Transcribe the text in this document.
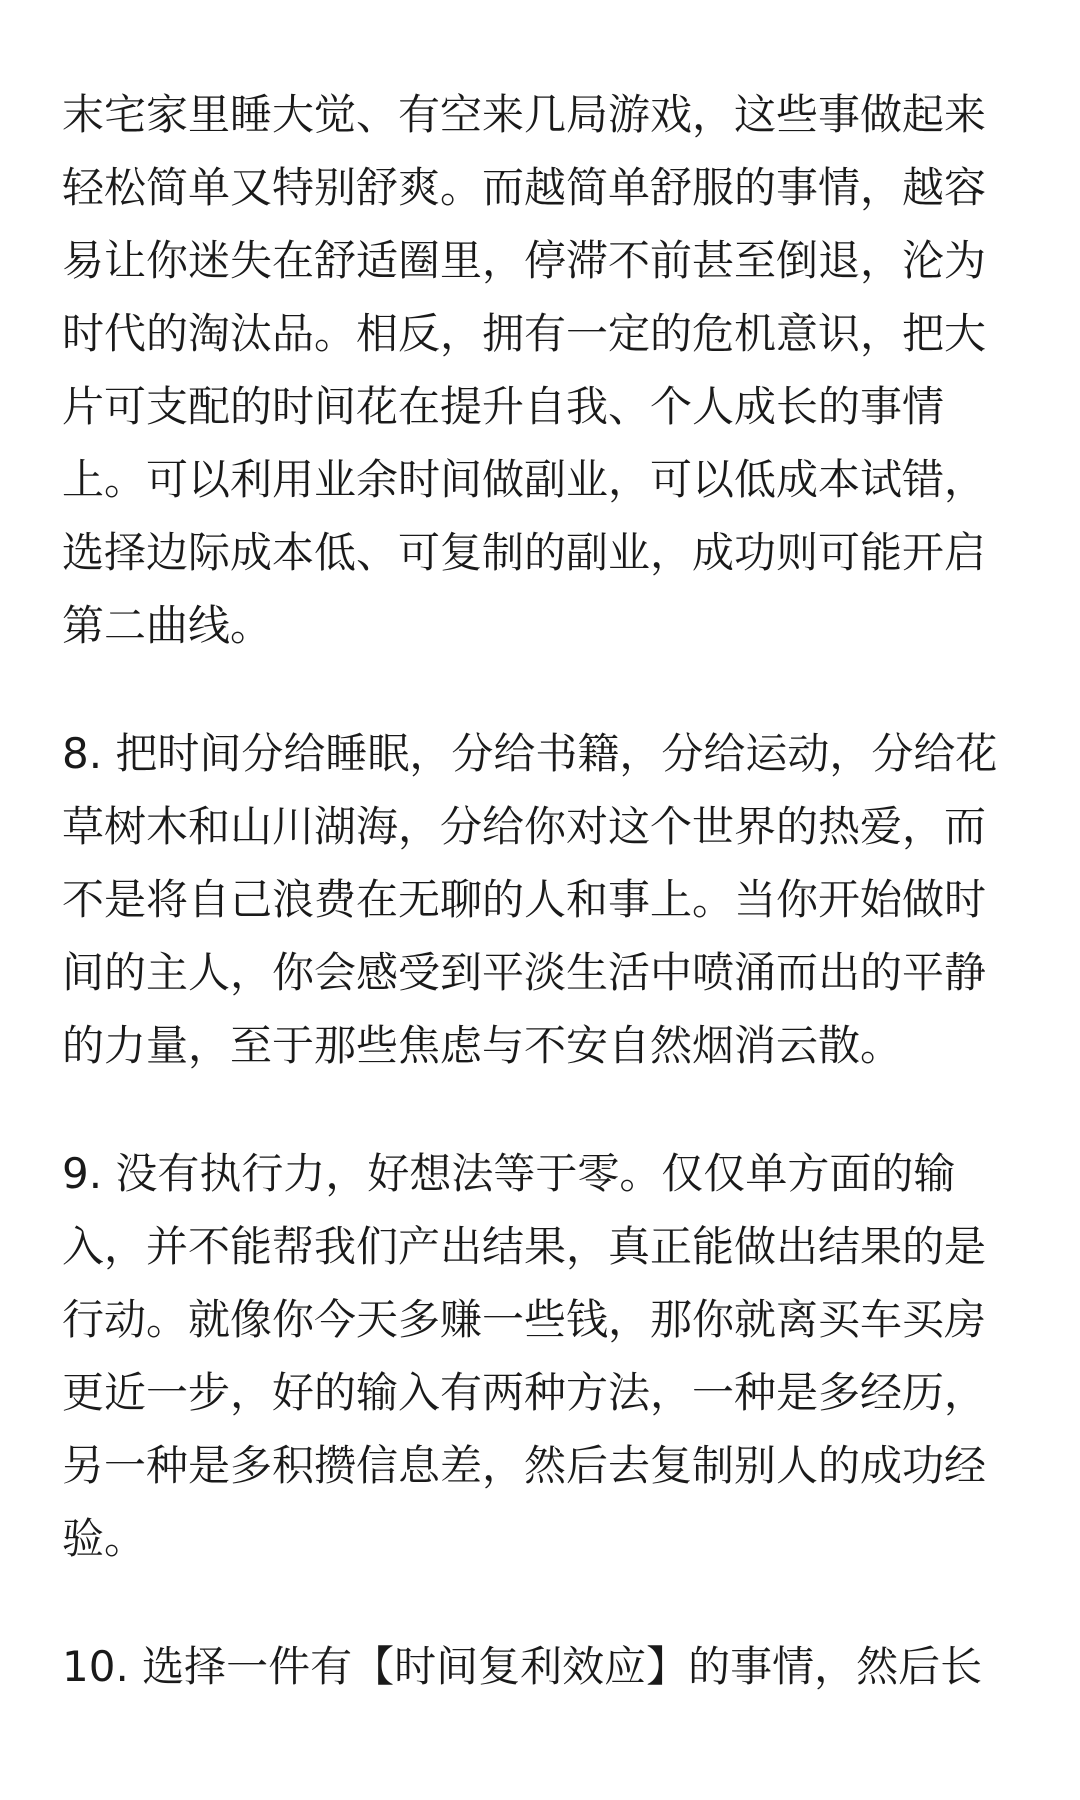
末宅家里睡大觉、有空来几局游戏，这些事做起来
轻松简单又特别舒爽。而越简单舒服的事情，越容
易让你迷失在舒适圈里，停滞不前甚至倒退，沦为
时代的淘汰品。相反，拥有一定的危机意识，把大
片可支配的时间花在提升自我、个人成长的事情
上。可以利用业余时间做副业，可以低成本试错，
选择边际成本低、可复制的副业，成功则可能开启
第二曲线。
8. 把时间分给睡眠，分给书籍，分给运动，分给花
草树木和山川湖海，分给你对这个世界的热爱，而
不是将自己浪费在无聊的人和事上。当你开始做时
间的主人，你会感受到平淡生活中喷涌而出的平静
的力量，至于那些焦虑与不安自然烟消云散。
9. 没有执行力，好想法等于零。仅仅单方面的输
入，并不能帮我们产出结果，真正能做出结果的是
行动。就像你今天多赚一些钱，那你就离买车买房
更近一步，好的输入有两种方法，一种是多经历，
另一种是多积攒信息差，然后去复制别人的成功经
验。
10. 选择一件有【时间复利效应】的事情，然后长
